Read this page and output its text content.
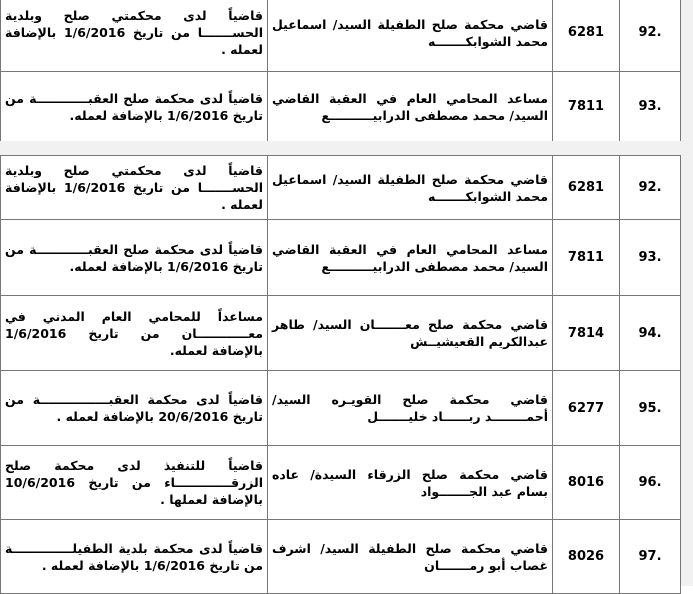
.92	6281	قاضي محكمة صلح الطفيلة السيد/ اسماعيل محمد الشوابكـــــــه	قاضياً لدى محكمتي صلح وبلدية الحســـــــا من تاريخ 1/6/2016 بالإضافة لعمله .
.93	7811	مساعد المحامي العام في العقبة القاضي السيد/ محمد مصطفى الدرابيــــــــــع	قاضياً لدى محكمة صلح العقبــــــــــــة من تاريخ 1/6/2016 بالإضافة لعمله.
.92	6281	قاضي محكمة صلح الطفيلة السيد/ اسماعيل محمد الشوابكـــــــه	قاضياً لدى محكمتي صلح وبلدية الحســـــــا من تاريخ 1/6/2016 بالإضافة لعمله .
.93	7811	مساعد المحامي العام في العقبة القاضي السيد/ محمد مصطفى الدرابيــــــــــع	قاضياً لدى محكمة صلح العقبــــــــــــة من تاريخ 1/6/2016 بالإضافة لعمله.
.94	7814	قاضي محكمة صلح معـــــــان السيد/ طاهر عبدالكريم القعيشيــش	مساعداً للمحامي العام المدني في معــــــــــــان من تاريخ 1/6/2016 بالإضافة لعمله.
.95	6277	قاضي محكمة صلح القويـره السيد/ أحمــــــــد ربــــــاد خليـــــــل	قاضياً لدى محكمة العقبــــــــــــــــة من تاريخ 20/6/2016 بالإضافة لعمله .
.96	8016	قاضي محكمة صلح الزرقاء السيدة/ عاده بسام عبد الجـــــــواد	قاضياً للتنفيذ لدى محكمة صلح الزرقـــــــــــــاء من تاريخ 10/6/2016 بالإضافة لعملها .
.97	8026	قاضي محكمة صلح الطفيلة السيد/ اشرف غصاب أبو رمـــــــان	قاضياً لدى محكمة بلدية الطفيلــــــــــــــة من تاريخ 1/6/2016 بالإضافة لعمله .
